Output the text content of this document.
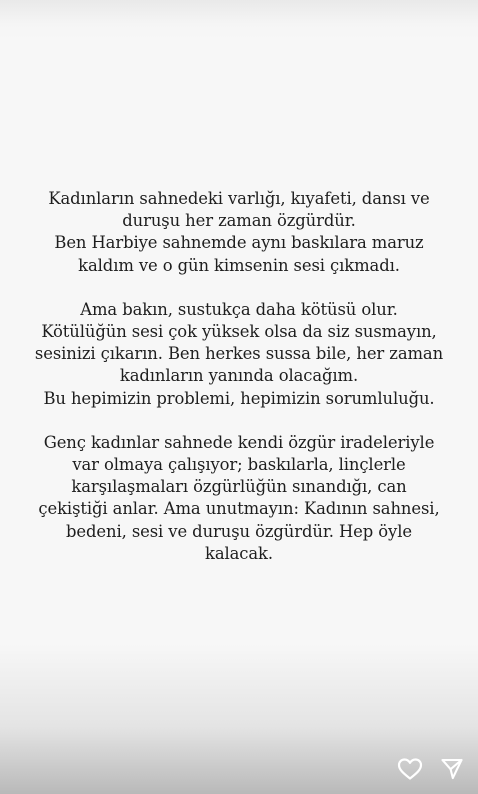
Kadınların sahnedeki varlığı, kıyafeti, dansı ve
duruşu her zaman özgürdür.
Ben Harbiye sahnemde aynı baskılara maruz
kaldım ve o gün kimsenin sesi çıkmadı.

Ama bakın, sustukça daha kötüsü olur.
Kötülüğün sesi çok yüksek olsa da siz susmayın,
sesinizi çıkarın. Ben herkes sussa bile, her zaman
kadınların yanında olacağım.
Bu hepimizin problemi, hepimizin sorumluluğu.

Genç kadınlar sahnede kendi özgür iradeleriyle
var olmaya çalışıyor; baskılarla, linçlerle
karşılaşmaları özgürlüğün sınandığı, can
çekiştiği anlar. Ama unutmayın: Kadının sahnesi,
bedeni, sesi ve duruşu özgürdür. Hep öyle
kalacak.
